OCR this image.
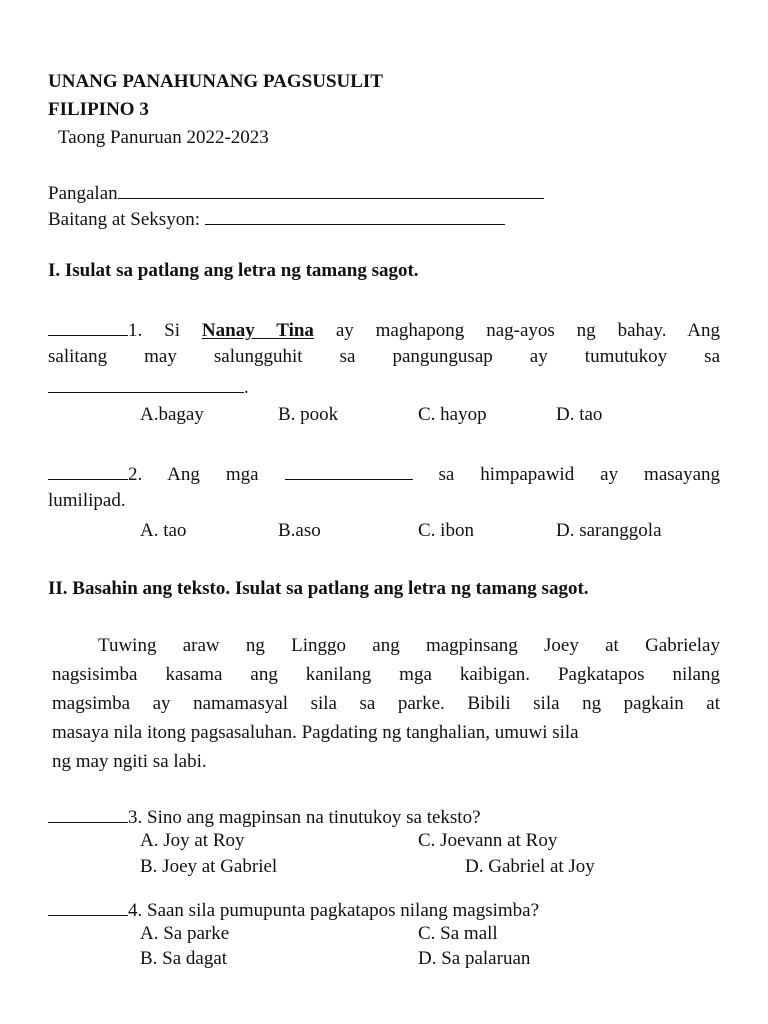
UNANG PANAHUNANG PAGSUSULIT
FILIPINO 3
Taong Panuruan 2022-2023
Pangalan
Baitang at Seksyon:
I. Isulat sa patlang ang letra ng tamang sagot.
1. Si Nanay Tina ay maghapong nag-ayos ng bahay. Ang
salitang may salungguhit sa pangungusap ay tumutukoy sa
.
A.bagay	B. pook	C. hayop	D. tao
2. Ang mga	sa himpapawid ay masayang
lumilipad.
A. tao	B.aso	C. ibon	D. saranggola
II. Basahin ang teksto. Isulat sa patlang ang letra ng tamang sagot.
Tuwing araw ng Linggo ang magpinsang Joey at Gabrielay
nagsisimba kasama ang kanilang mga kaibigan. Pagkatapos nilang
magsimba ay namamasyal sila sa parke. Bibili sila ng pagkain at
masaya nila itong pagsasaluhan. Pagdating ng tanghalian, umuwi sila
ng may ngiti sa labi.
3. Sino ang magpinsan na tinutukoy sa teksto?
A. Joy at Roy	C. Joevann at Roy
B. Joey at Gabriel	D. Gabriel at Joy
4. Saan sila pumupunta pagkatapos nilang magsimba?
A. Sa parke	C. Sa mall
B. Sa dagat	D. Sa palaruan
